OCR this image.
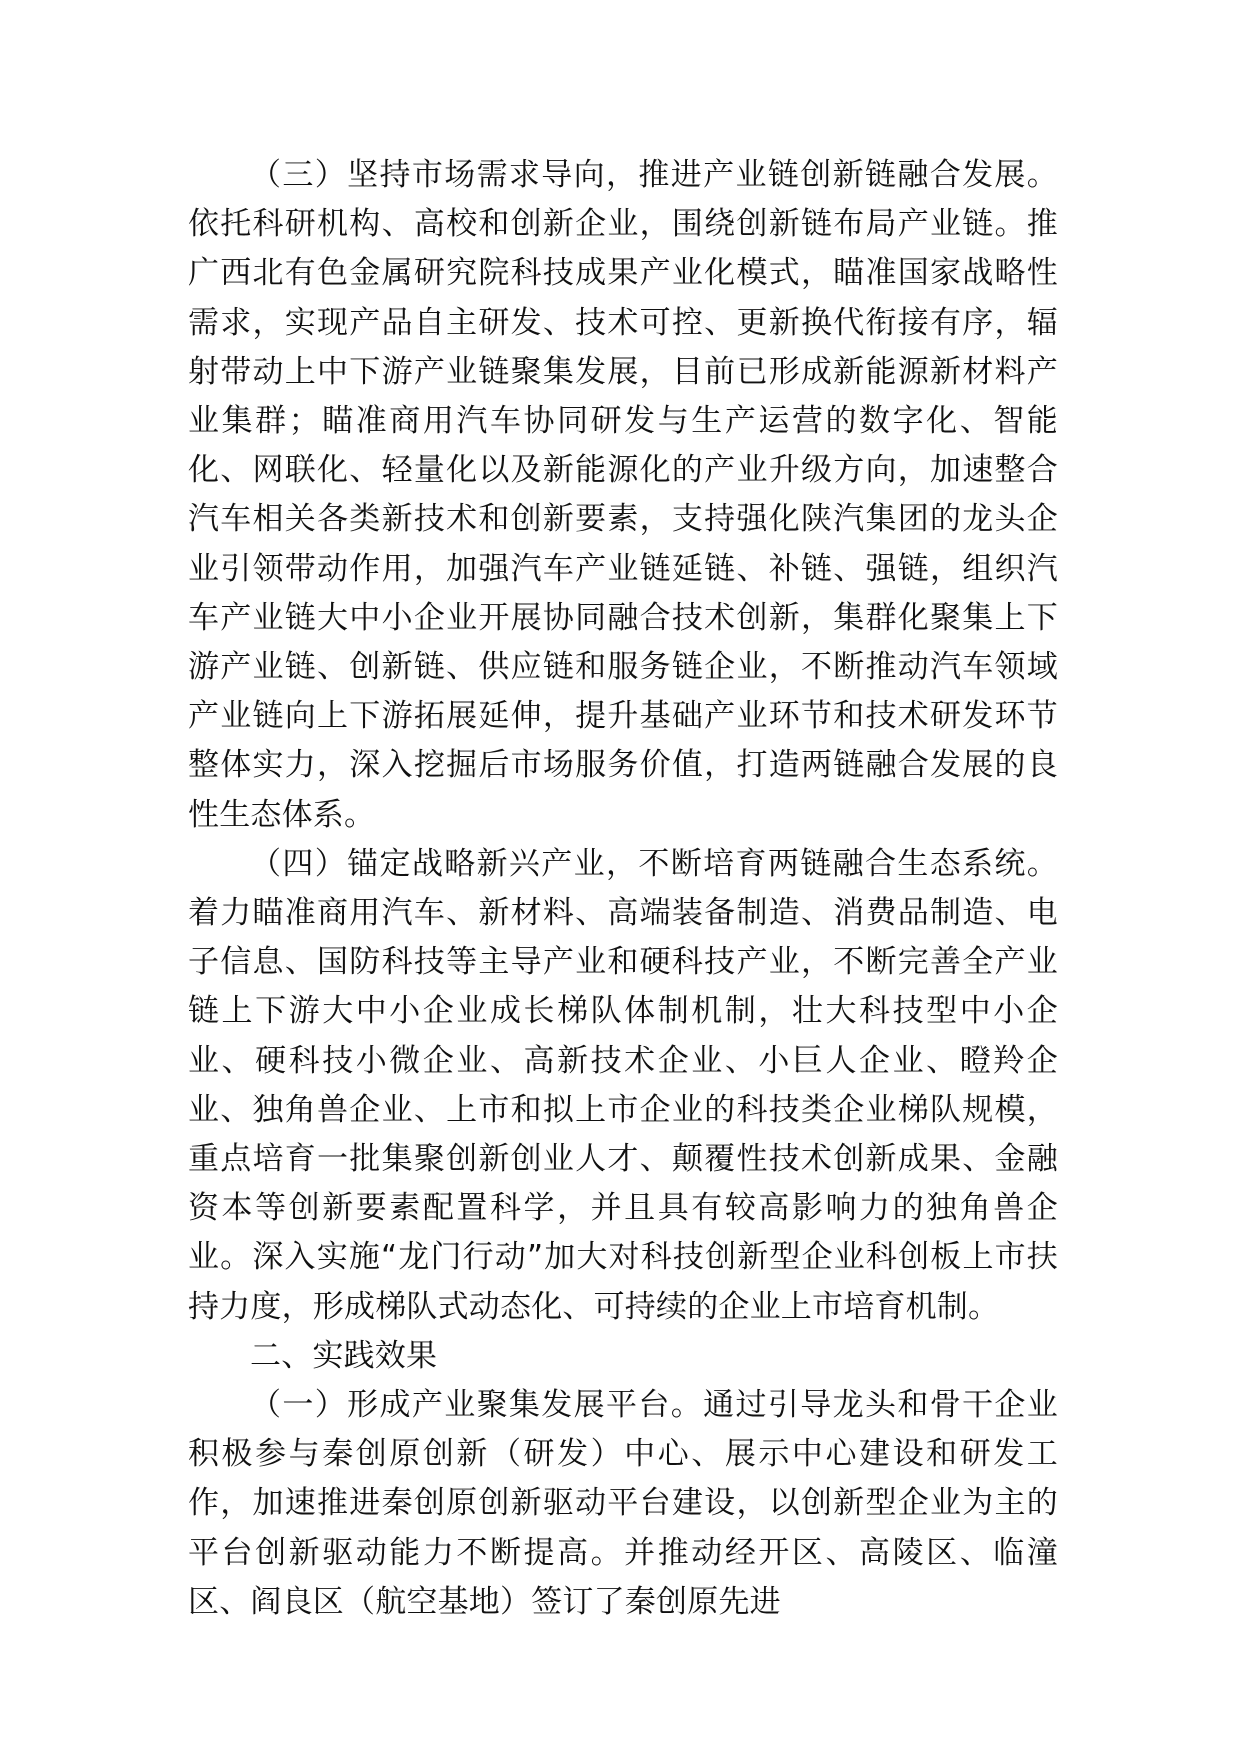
（三）坚持市场需求导向，推进产业链创新链融合发展。依托科研机构、高校和创新企业，围绕创新链布局产业链。推广西北有色金属研究院科技成果产业化模式，瞄准国家战略性需求，实现产品自主研发、技术可控、更新换代衔接有序，辐射带动上中下游产业链聚集发展，目前已形成新能源新材料产业集群；瞄准商用汽车协同研发与生产运营的数字化、智能化、网联化、轻量化以及新能源化的产业升级方向，加速整合汽车相关各类新技术和创新要素，支持强化陕汽集团的龙头企业引领带动作用，加强汽车产业链延链、补链、强链，组织汽车产业链大中小企业开展协同融合技术创新，集群化聚集上下游产业链、创新链、供应链和服务链企业，不断推动汽车领域产业链向上下游拓展延伸，提升基础产业环节和技术研发环节整体实力，深入挖掘后市场服务价值，打造两链融合发展的良性生态体系。

（四）锚定战略新兴产业，不断培育两链融合生态系统。着力瞄准商用汽车、新材料、高端装备制造、消费品制造、电子信息、国防科技等主导产业和硬科技产业，不断完善全产业链上下游大中小企业成长梯队体制机制，壮大科技型中小企业、硬科技小微企业、高新技术企业、小巨人企业、瞪羚企业、独角兽企业、上市和拟上市企业的科技类企业梯队规模，重点培育一批集聚创新创业人才、颠覆性技术创新成果、金融资本等创新要素配置科学，并且具有较高影响力的独角兽企业。深入实施“龙门行动”加大对科技创新型企业科创板上市扶持力度，形成梯队式动态化、可持续的企业上市培育机制。

二、实践效果

（一）形成产业聚集发展平台。通过引导龙头和骨干企业积极参与秦创原创新（研发）中心、展示中心建设和研发工作，加速推进秦创原创新驱动平台建设，以创新型企业为主的平台创新驱动能力不断提高。并推动经开区、高陵区、临潼区、阎良区（航空基地）签订了秦创原先进
